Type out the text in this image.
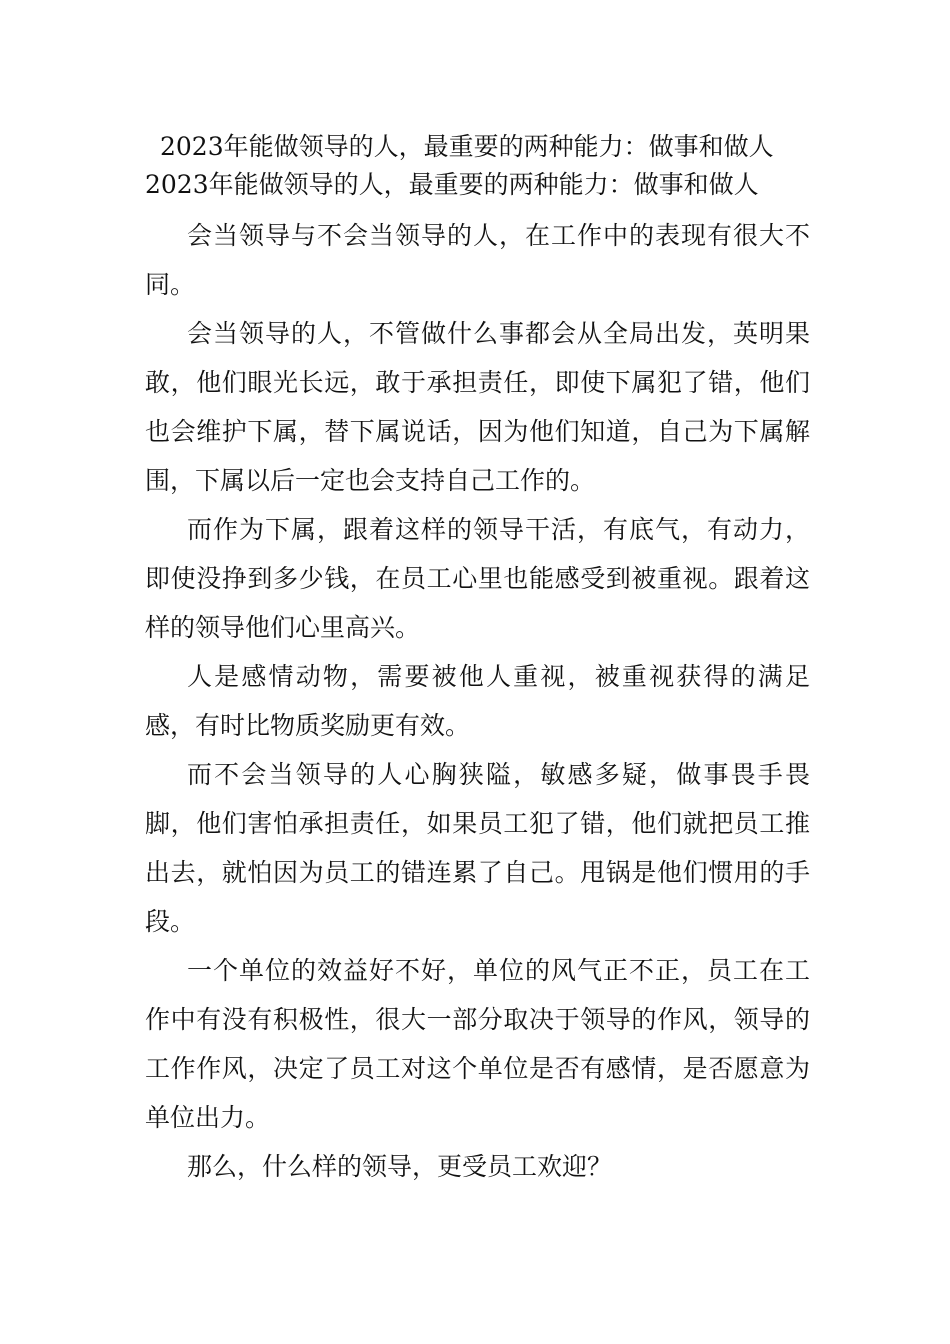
2023年能做领导的人，最重要的两种能力：做事和做人

2023年能做领导的人，最重要的两种能力：做事和做人

会当领导与不会当领导的人，在工作中的表现有很大不同。

会当领导的人，不管做什么事都会从全局出发，英明果敢，他们眼光长远，敢于承担责任，即使下属犯了错，他们也会维护下属，替下属说话，因为他们知道，自己为下属解围，下属以后一定也会支持自己工作的。

而作为下属，跟着这样的领导干活，有底气，有动力，即使没挣到多少钱，在员工心里也能感受到被重视。跟着这样的领导他们心里高兴。

人是感情动物，需要被他人重视，被重视获得的满足感，有时比物质奖励更有效。

而不会当领导的人心胸狭隘，敏感多疑，做事畏手畏脚，他们害怕承担责任，如果员工犯了错，他们就把员工推出去，就怕因为员工的错连累了自己。甩锅是他们惯用的手段。

一个单位的效益好不好，单位的风气正不正，员工在工作中有没有积极性，很大一部分取决于领导的作风，领导的工作作风，决定了员工对这个单位是否有感情，是否愿意为单位出力。

那么，什么样的领导，更受员工欢迎？
